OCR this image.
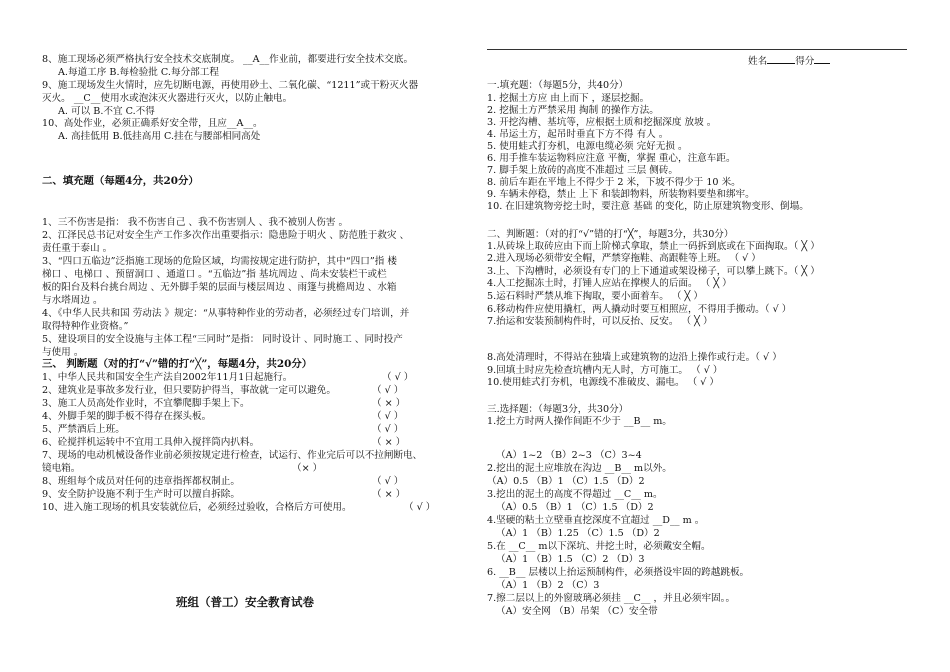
8、施工现场必须严格执行安全技术交底制度。 __A__作业前，都要进行安全技术交底。
A.每道工序 B.每检验批 C.每分部工程
9、施工现场发生火情时，应先切断电源，再使用砂土、二氧化碳、“1211”或干粉灭火器
灭火。 __C__使用水或泡沫灭火器进行灭火，以防止触电。
A. 可以 B.不宜 C.不得
10、高处作业，必须正确系好安全带，且应__A__。
A. 高挂低用 B.低挂高用 C.挂在与腰部相同高处
二、填充题（每题4分，共20分）
1、三不伤害是指： 我不伤害自己 、我不伤害别人 、我不被别人伤害 。
2、江泽民总书记对安全生产工作多次作出重要指示：隐患险于明火 、防范胜于救灾 、
责任重于泰山 。
3、“四口五临边”泛指施工现场的危险区域，均需按规定进行防护，其中“四口”指 楼
梯口 、电梯口 、预留洞口 、通道口 。“五临边”指 基坑周边 、尚未安装栏干或栏
板的阳台及料台挑台周边 、无外脚手架的层面与楼层周边 、雨篷与挑檐周边 、水箱
与水塔周边 。
4、《中华人民共和国 劳动法 》规定：“从事特种作业的劳动者，必须经过专门培训，并
取得特种作业资格。”
5、建设项目的安全设施与主体工程“三同时”是指： 同时设计 、同时施工 、同时投产
与使用 。
三、 判断题（对的打“√”错的打“╳”，每题4分，共20分）
1、中华人民共和国安全生产法自2002年11月1日起施行。	（ √ ）
2、建筑业是事故多发行业，但只要防护得当，事故就一定可以避免。	（ √ ）
3、施工人员高处作业时，不宜攀爬脚手架上下。	（ × ）
4、外脚手架的脚手板不得存在探头板。	（ √ ）
5、严禁酒后上班。	（ √ ）
6、砼搅拌机运转中不宜用工具伸入搅拌筒内扒料。	（ × ）
7、现场的电动机械设备作业前必须按规定进行检查，试运行、作业完后可以不拉闸断电、
镜电箱。	（× ）
8、班组每个成员对任何的违章指挥都权制止。	（ √ ）
9、安全防护设施不利于生产时可以擅自拆除。	（ × ）
10、进入施工现场的机具安装就位后，必须经过验收，合格后方可使用。	（ √ ）
班组（普工）安全教育试卷
姓名	得分
一.填充题：（每题5分，共40分）
1. 挖掘土方应 由上而下 ，逐层挖掘。
2. 挖掘土方严禁采用 掏制 的操作方法。
3. 开挖沟槽、基坑等，应根据土质和挖掘深度 放坡 。
4. 吊运土方，起吊时垂直下方不得 有人 。
5. 使用蛙式打夯机，电源电缆必须 完好无损 。
6. 用手推车装运物料应注意 平衡，掌握 重心，注意车距。
7. 脚手架上放砖的高度不准超过 三层 侧砖。
8. 前后车距在平地上不得少于 2 米，下坡不得少于 10 米。
9. 车辆未停稳，禁止 上下 和装卸物料，所装物料要垫和绑牢。
10. 在旧建筑物旁挖土时，要注意 基础 的变化，防止原建筑物变形、倒塌。
二、判断题：（对的打“√”错的打“╳”，每题3分，共30分）
1.从砖垛上取砖应由下而上阶梯式拿取，禁止一码拆到底或在下面掏取。（ ╳ ）
2.进入现场必须带安全帽，严禁穿拖鞋、高跟鞋等上班。 （ √ ）
3.上、下沟槽时，必须设有专门的上下通道或架设梯子，可以攀上跳下。（ ╳ ）
4.人工挖掘冻土时，打锤人应站在撑楔人的后面。 （ ╳ ）
5.运石料时严禁从堆下掏取，要小面着车。 （ ╳ ）
6.移动构件应使用撬杠，两人撬动时要互相照应，不得用手搬动。（ √ ）
7.抬运和安装预制构件时，可以反抬、反安。 （ ╳ ）
8.高处清理时，不得站在独墙上或建筑物的边沿上操作或行走。（ √ ）
9.回填土时应先检查坑槽内无人时，方可施工。 （ √ ）
10.使用蛙式打夯机，电源线不准破皮、漏电。 （ √ ）
三.选择题：（每题3分，共30分）
1.挖土方时两人操作间距不少于 __B__ m。
（A）1~2 （B）2~3 （C）3~4
2.挖出的泥土应堆放在沟边 __B__ m以外。
（A）0.5 （B）1 （C）1.5 （D）2
3.挖出的泥土的高度不得超过 __C__ m。
（A）0.5 （B）1 （C）1.5 （D）2
4.坚硬的粘土立壁垂直挖深度不宜超过 __D__ m 。
（A）1 （B）1.25 （C）1.5 （D）2
5.在 __C__ m以下深坑、井挖土时，必须戴安全帽。
（A）1 （B）1.5 （C）2 （D）3
6. __B__ 层楼以上抬运预制构件，必须搭设牢固的跨越跳板。
（A）1 （B）2 （C）3
7.擦二层以上的外窗玻璃必须挂 __C__ ，并且必须牢固。。
（A）安全网 （B）吊架 （C）安全带
